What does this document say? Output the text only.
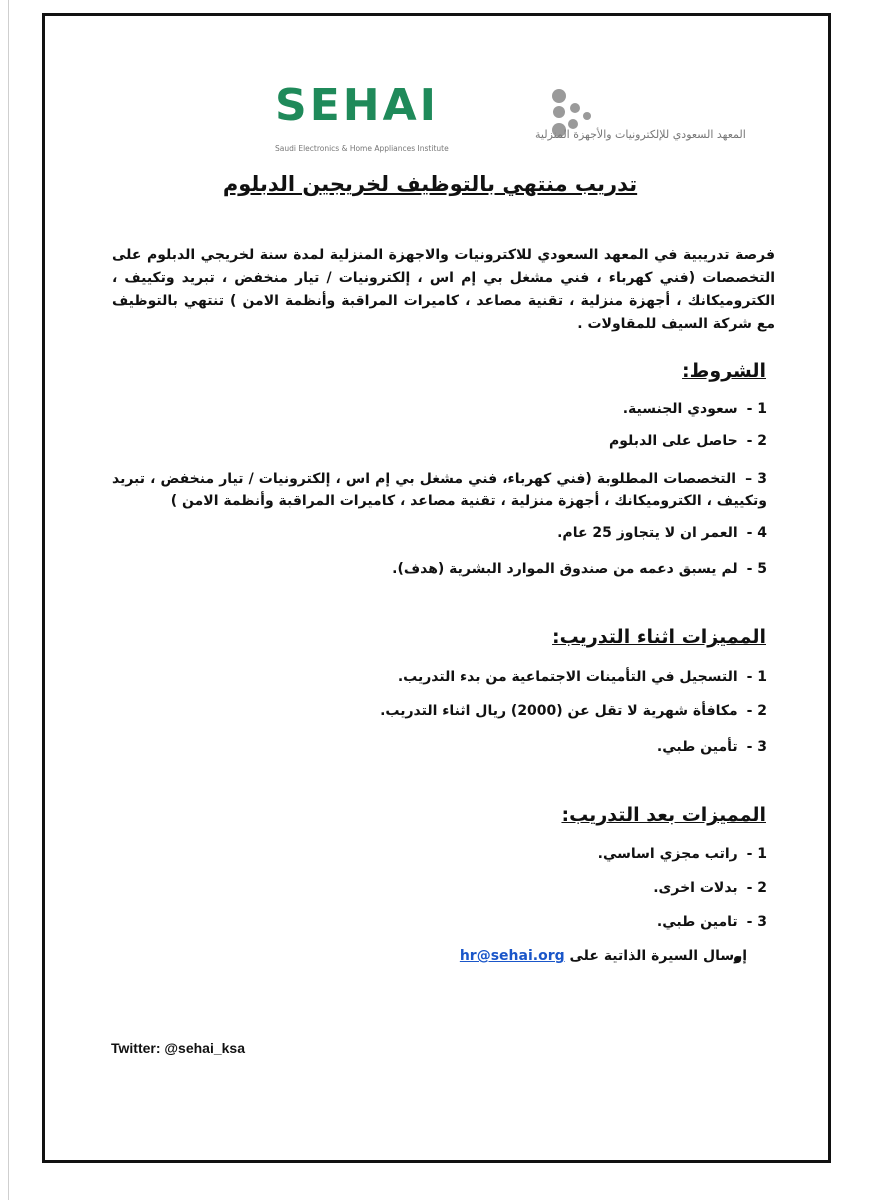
SEHAI
المعهد السعودي للإلكترونيات والأجهزة المنزلية
Saudi Electronics & Home Appliances Institute
تدريب منتهي بالتوظيف لخريجين الدبلوم
فرصة تدريبية في المعهد السعودي للاكترونيات والاجهزة المنزلية لمدة سنة لخريجي الدبلوم على التخصصات (فني كهرباء ، فني مشغل بي إم اس ، إلكترونيات / تيار منخفض ، تبريد وتكييف ، الكتروميكانك ، أجهزة منزلية ، تقنية مصاعد ، كاميرات المراقبة وأنظمة الامن ) تنتهي بالتوظيف مع شركة السيف للمقاولات .
الشروط:
1 - سعودي الجنسية.
2 - حاصل على الدبلوم
3 – التخصصات المطلوبة (فني كهرباء، فني مشغل بي إم اس ، إلكترونيات / تيار منخفض ، تبريد وتكييف ، الكتروميكانك ، أجهزة منزلية ، تقنية مصاعد ، كاميرات المراقبة وأنظمة الامن )
4 - العمر ان لا يتجاوز 25 عام.
5 - لم يسبق دعمه من صندوق الموارد البشرية (هدف).
المميزات اثناء التدريب:
1 - التسجيل في التأمينات الاجتماعية من بدء التدريب.
2 - مكافأة شهرية لا تقل عن (2000) ريال اثناء التدريب.
3 - تأمين طبي.
المميزات بعد التدريب:
1 - راتب مجزي اساسي.
2 - بدلات اخرى.
3 - تامين طبي.
إرسال السيرة الذاتية على hr@sehai.org
Twitter: @sehai_ksa
